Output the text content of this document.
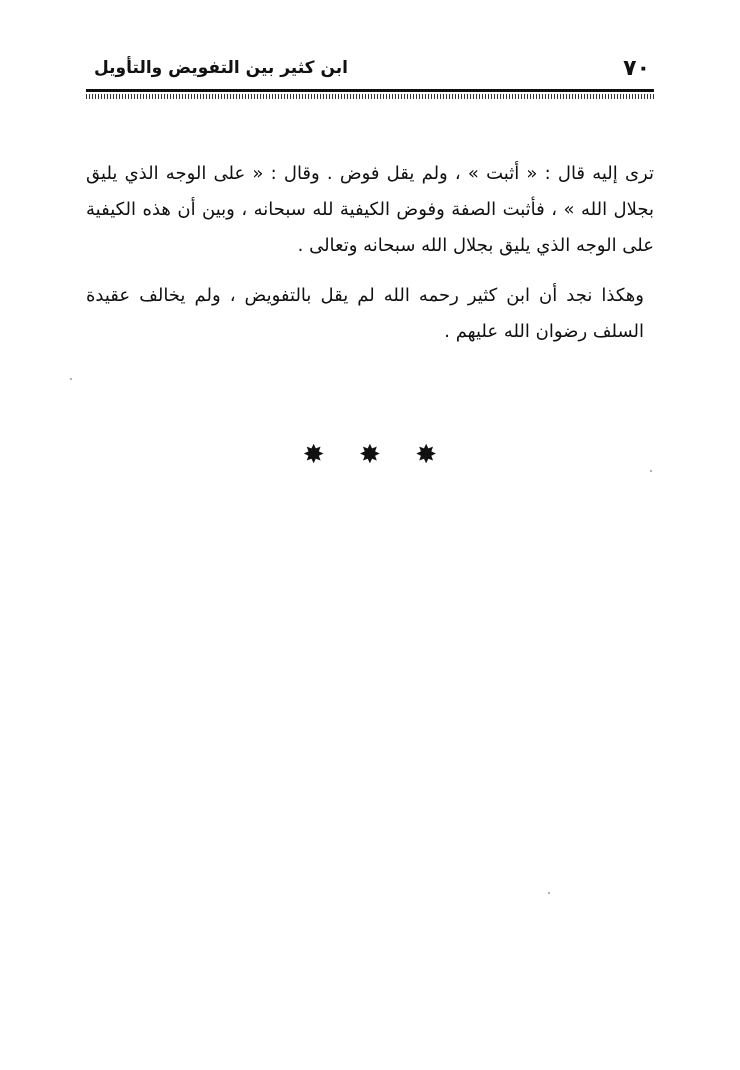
٧٠
ابن كثير بين التفويض والتأويل

ترى إليه قال : « أثبت » ، ولم يقل فوض . وقال : « على الوجه الذي يليق بجلال الله » ، فأثبت الصفة وفوض الكيفية لله سبحانه ، وبين أن هذه الكيفية على الوجه الذي يليق بجلال الله سبحانه وتعالى .

وهكذا نجد أن ابن كثير رحمه الله لم يقل بالتفويض ، ولم يخالف عقيدة السلف رضوان الله عليهم .

✸ ✸ ✸
